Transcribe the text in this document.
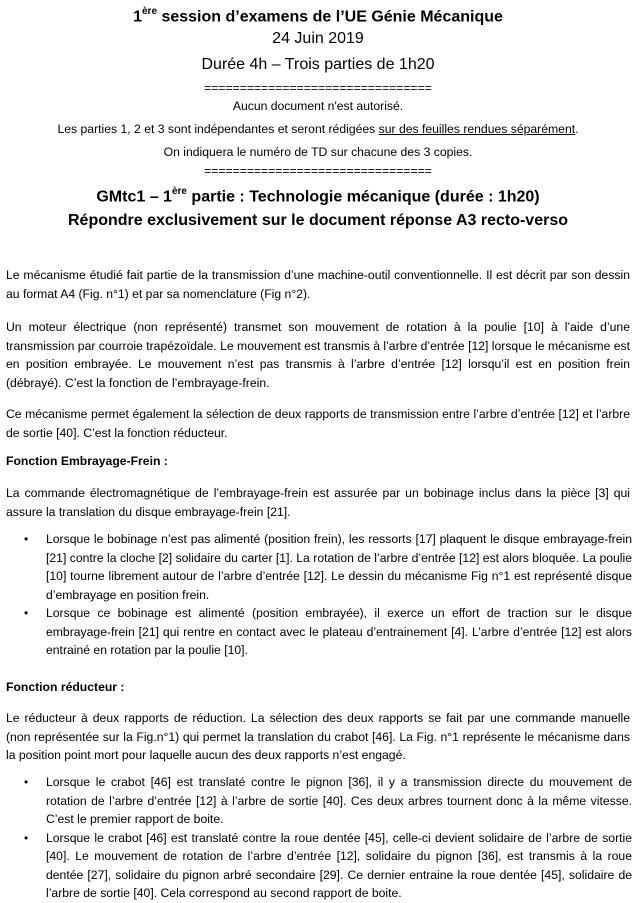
1ère session d’examens de l’UE Génie Mécanique
24 Juin 2019
Durée 4h – Trois parties de 1h20
================================
Aucun document n'est autorisé.
Les parties 1, 2 et 3 sont indépendantes et seront rédigées sur des feuilles rendues séparément.
On indiquera le numéro de TD sur chacune des 3 copies.
================================
GMtc1 – 1ère partie : Technologie mécanique (durée : 1h20)
Répondre exclusivement sur le document réponse A3 recto-verso
Le mécanisme étudié fait partie de la transmission d’une machine-outil conventionnelle. Il est décrit par son dessin au format A4 (Fig. n°1) et par sa nomenclature (Fig n°2).
Un moteur électrique (non représenté) transmet son mouvement de rotation à la poulie [10] à l’aide d’une transmission par courroie trapézoïdale. Le mouvement est transmis à l’arbre d’entrée [12] lorsque le mécanisme est en position embrayée. Le mouvement n’est pas transmis à l’arbre d’entrée [12] lorsqu’il est en position frein (débrayé). C’est la fonction de l’embrayage-frein.
Ce mécanisme permet également la sélection de deux rapports de transmission entre l’arbre d’entrée [12] et l’arbre de sortie [40]. C’est la fonction réducteur.
Fonction Embrayage-Frein :
La commande électromagnétique de l’embrayage-frein est assurée par un bobinage inclus dans la pièce [3] qui assure la translation du disque embrayage-frein [21].
• Lorsque le bobinage n’est pas alimenté (position frein), les ressorts [17] plaquent le disque embrayage-frein [21] contre la cloche [2] solidaire du carter [1]. La rotation de l’arbre d’entrée [12] est alors bloquée. La poulie [10] tourne librement autour de l’arbre d’entrée [12]. Le dessin du mécanisme Fig n°1 est représenté disque d’embrayage en position frein.
• Lorsque ce bobinage est alimenté (position embrayée), il exerce un effort de traction sur le disque embrayage-frein [21] qui rentre en contact avec le plateau d’entrainement [4]. L’arbre d’entrée [12] est alors entrainé en rotation par la poulie [10].
Fonction réducteur :
Le réducteur à deux rapports de réduction. La sélection des deux rapports se fait par une commande manuelle (non représentée sur la Fig.n°1) qui permet la translation du crabot [46]. La Fig. n°1 représente le mécanisme dans la position point mort pour laquelle aucun des deux rapports n’est engagé.
• Lorsque le crabot [46] est translaté contre le pignon [36], il y a transmission directe du mouvement de rotation de l’arbre d’entrée [12] à l’arbre de sortie [40]. Ces deux arbres tournent donc à la même vitesse. C’est le premier rapport de boite.
• Lorsque le crabot [46] est translaté contre la roue dentée [45], celle-ci devient solidaire de l’arbre de sortie [40]. Le mouvement de rotation de l’arbre d’entrée [12], solidaire du pignon [36], est transmis à la roue dentée [27], solidaire du pignon arbré secondaire [29]. Ce dernier entraine la roue dentée [45], solidaire de l’arbre de sortie [40]. Cela correspond au second rapport de boite.
